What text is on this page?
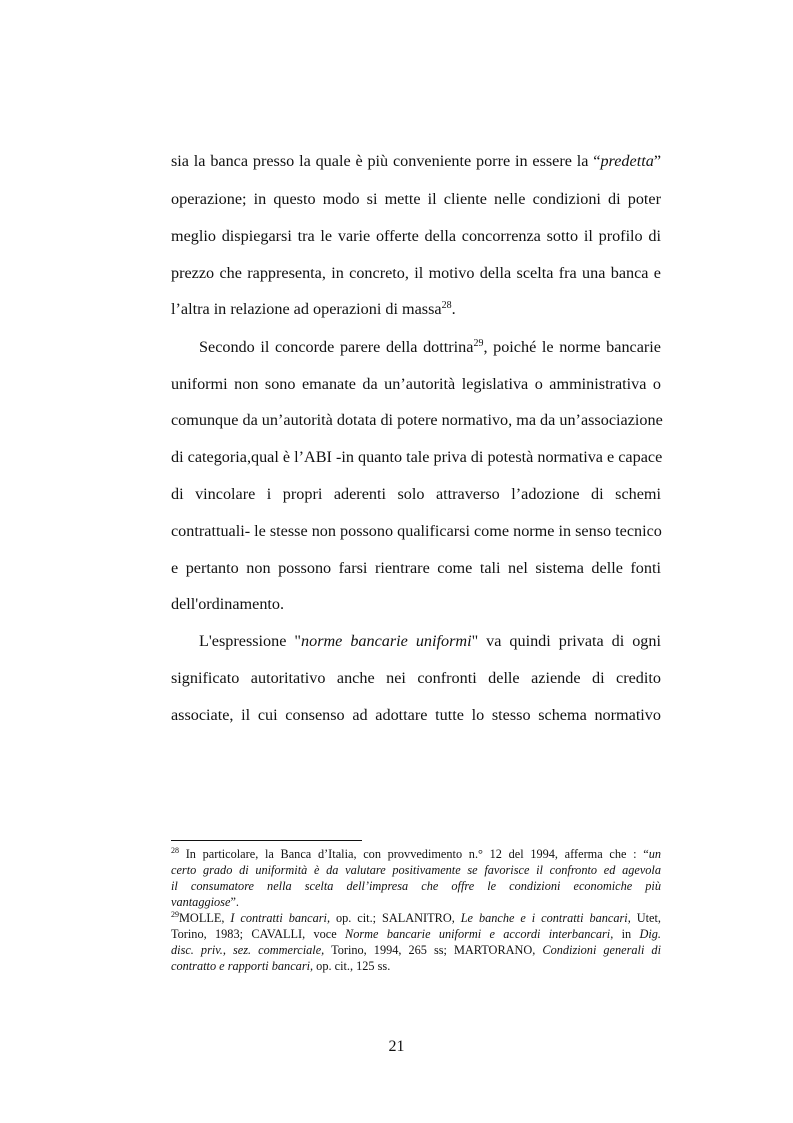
sia la banca presso la quale è più conveniente porre in essere la “predetta”
operazione; in questo modo si mette il cliente nelle condizioni di poter
meglio dispiegarsi tra le varie offerte della concorrenza sotto il profilo di
prezzo che rappresenta, in concreto, il motivo della scelta fra una banca e
l’altra in relazione ad operazioni di massa$^{28}$.
Secondo il concorde parere della dottrina$^{29}$, poiché le norme bancarie
uniformi non sono emanate da un’autorità legislativa o amministrativa o
comunque da un’autorità dotata di potere normativo, ma da un’associazione
di categoria,qual è l’ABI -in quanto tale priva di potestà normativa e capace
di vincolare i propri aderenti solo attraverso l’adozione di schemi
contrattuali- le stesse non possono qualificarsi come norme in senso tecnico
e pertanto non possono farsi rientrare come tali nel sistema delle fonti
dell'ordinamento.
L'espressione "norme bancarie uniformi" va quindi privata di ogni
significato autoritativo anche nei confronti delle aziende di credito
associate, il cui consenso ad adottare tutte lo stesso schema normativo
$^{28}$ In particolare, la Banca d’Italia, con provvedimento n.° 12 del 1994, afferma che : “un
certo grado di uniformità è da valutare positivamente se favorisce il confronto ed agevola
il consumatore nella scelta dell’impresa che offre le condizioni economiche più
vantaggiose”.
$^{29}$MOLLE, I contratti bancari, op. cit.; SALANITRO, Le banche e i contratti bancari, Utet,
Torino, 1983; CAVALLI, voce Norme bancarie uniformi e accordi interbancari, in Dig.
disc. priv., sez. commerciale, Torino, 1994, 265 ss; MARTORANO, Condizioni generali di
contratto e rapporti bancari, op. cit., 125 ss.
21
